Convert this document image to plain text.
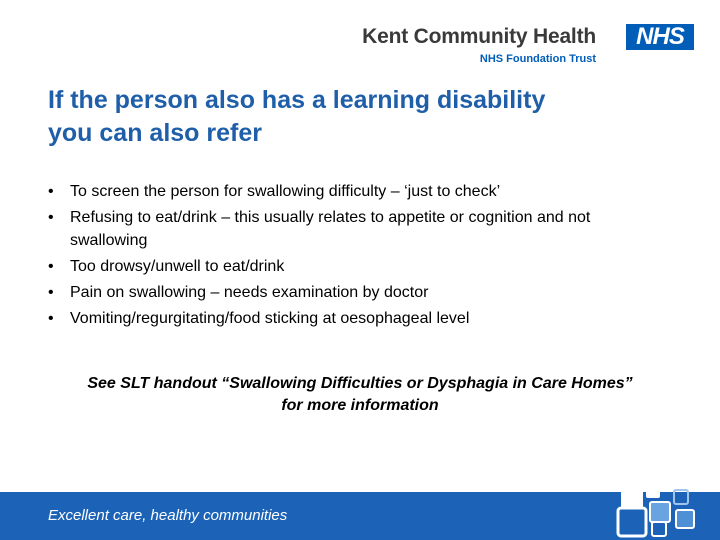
Kent Community Health
NHS Foundation Trust
NHS
If the person also has a learning disability
you can also refer
• To screen the person for swallowing difficulty – ‘just to check’
• Refusing to eat/drink – this usually relates to appetite or cognition and not swallowing
• Too drowsy/unwell to eat/drink
• Pain on swallowing – needs examination by doctor
• Vomiting/regurgitating/food sticking at oesophageal level
See SLT handout “Swallowing Difficulties or Dysphagia in Care Homes”
for more information
Excellent care, healthy communities
